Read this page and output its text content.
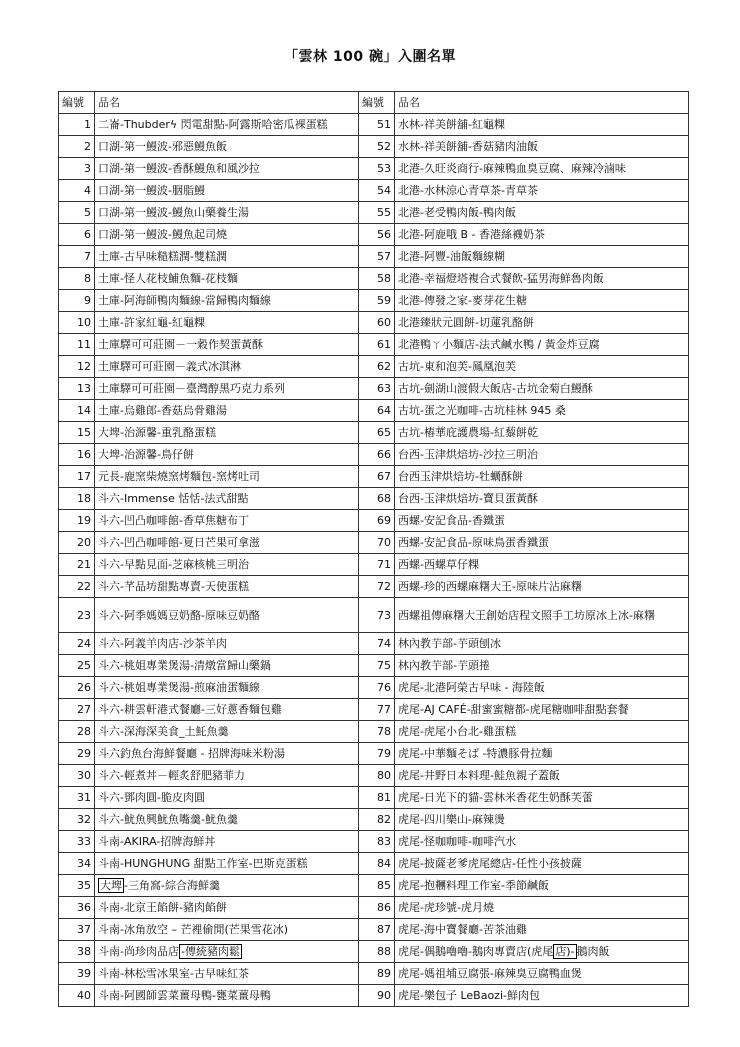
「雲林 100 碗」入圍名單
編號	品名	編號	品名
1	二崙-Thubderϟ 閃電甜點-阿露斯哈密瓜裸蛋糕	51	水林-祥美餅舖-紅龜粿
2	口湖-第一鰻波-邪惡鰻魚飯	52	水林-祥美餅舖-香菇豬肉油飯
3	口湖-第一鰻波-香酥鰻魚和風沙拉	53	北港-久旺炎商行-麻辣鴨血臭豆腐、麻辣冷滷味
4	口湖-第一鰻波-胭脂鰻	54	北港-水林涼心青草茶-青草茶
5	口湖-第一鰻波-鰻魚山藥養生湯	55	北港-老受鴨肉飯-鴨肉飯
6	口湖-第一鰻波-鰻魚起司燒	56	北港-阿鹿哦 B - 香港絲襪奶茶
7	土庫-古早味糙糕潤-雙糕潤	57	北港-阿豐-油飯麵線糊
8	土庫-怪人花枝鯆魚麵-花枝麵	58	北港-幸福燈塔複合式餐飲-猛男海鮮魯肉飯
9	土庫-阿海師鴨肉麵線-當歸鴨肉麵線	59	北港-傳發之家-麥芽花生糖
10	土庫-許家紅龜-紅龜粿	60	北港臻狀元圓餅-切蓮乳酪餅
11	土庫驛可可莊園－一穀作契蛋黃酥	61	北港鴨ㄚ小麵店-法式鹹水鴨 / 黃金炸豆腐
12	土庫驛可可莊園－義式冰淇淋	62	古坑-東和泡芙-鳳凰泡芙
13	土庫驛可可莊園－臺灣醇黑巧克力系列	63	古坑-劍湖山渡假大飯店-古坑金菊白鰻酥
14	土庫-烏雞郎-香菇烏骨雞湯	64	古坑-蛋之光咖啡-古坑桂林 945 桑
15	大埤-治源馨-重乳酪蛋糕	65	古坑-樁華庇護農場-紅藜餅乾
16	大埤-治源馨-鳥仔餅	66	台西-玉津烘焙坊-沙拉三明治
17	元長-鹿窯柴燒窯烤麵包-窯烤吐司	67	台西玉津烘焙坊-牡蠣酥餅
18	斗六-Immense 恬恬-法式甜點	68	台西-玉津烘焙坊-寶貝蛋黃酥
19	斗六-凹凸咖啡館-香草焦糖布丁	69	西螺-安記食品-香鐵蛋
20	斗六-凹凸咖啡館-夏日芒果可拿滋	70	西螺-安記食品-原味鳥蛋香鐵蛋
21	斗六-早點見面-芝麻核桃三明治	71	西螺-西螺草仔粿
22	斗六-芊品坊甜點專賣-天使蛋糕	72	西螺-珍的西螺麻糬大王-原味片沾麻糬
23	斗六-阿季媽媽豆奶酪-原味豆奶酪	73	西螺祖傳麻糬大王創始店程文照手工坊原冰上冰-麻糬
24	斗六-阿義羊肉店-沙茶羊肉	74	林內教芋部-芋頭刨冰
25	斗六-桃姐專業煲湯-清燉當歸山藥鍋	75	林內教芋部-芋頭捲
26	斗六-桃姐專業煲湯-煎麻油蛋麵線	76	虎尾-北港阿榮古早味 - 海陸飯
27	斗六-耕雲軒港式餐廳-三好蔥香麵包雞	77	虎尾-AJ CAFÉ-甜蜜蜜糖都-虎尾糖咖啡甜點套餐
28	斗六-深海深美食_土魠魚羹	78	虎尾-虎尾小台北-雞蛋糕
29	斗六釣魚台海鮮餐廳 - 招牌海味米粉湯	79	虎尾-中華麵そば -特濃豚骨拉麵
30	斗六-輕煮丼－輕炙舒肥豬菲力	80	虎尾-井野日本料理-鮭魚親子蓋飯
31	斗六-鄧肉圓-脆皮肉圓	81	虎尾-日光下的貓-雲林米香花生奶酥芙蕾
32	斗六-魷魚興魷魚嘴羹-魷魚羹	82	虎尾-四川樂山-麻辣燙
33	斗南-AKIRA-招牌海鮮丼	83	虎尾-怪咖咖啡-咖啡汽水
34	斗南-HUNGHUNG 甜點工作室-巴斯克蛋糕	84	虎尾-披薩老爹虎尾總店-任性小孩披薩
35	大埤 -三角窩-綜合海鮮羹	85	虎尾-抱糰料理工作室-季節鹹飯
36	斗南-北京王餡餅-豬肉餡餅	86	虎尾-虎珍號-虎月燒
37	斗南-冰角放空 – 芒裡偷閒(芒果雪花冰)	87	虎尾-海中寶餐廳-苦茶油雞
38	斗南-尚珍肉品店 -傳統豬肉鬆	88	虎尾-偶鵝嚕嚕-鵝肉專賣店(虎尾 店)- 鵝肉飯
39	斗南-林松雪冰果室-古早味紅茶	89	虎尾-媽祖埔豆腐張-麻辣臭豆腐鴨血煲
40	斗南-阿國師雲菜薑母鴨-甕菜薑母鴨	90	虎尾-樂包子 LeBaozi-鮮肉包
